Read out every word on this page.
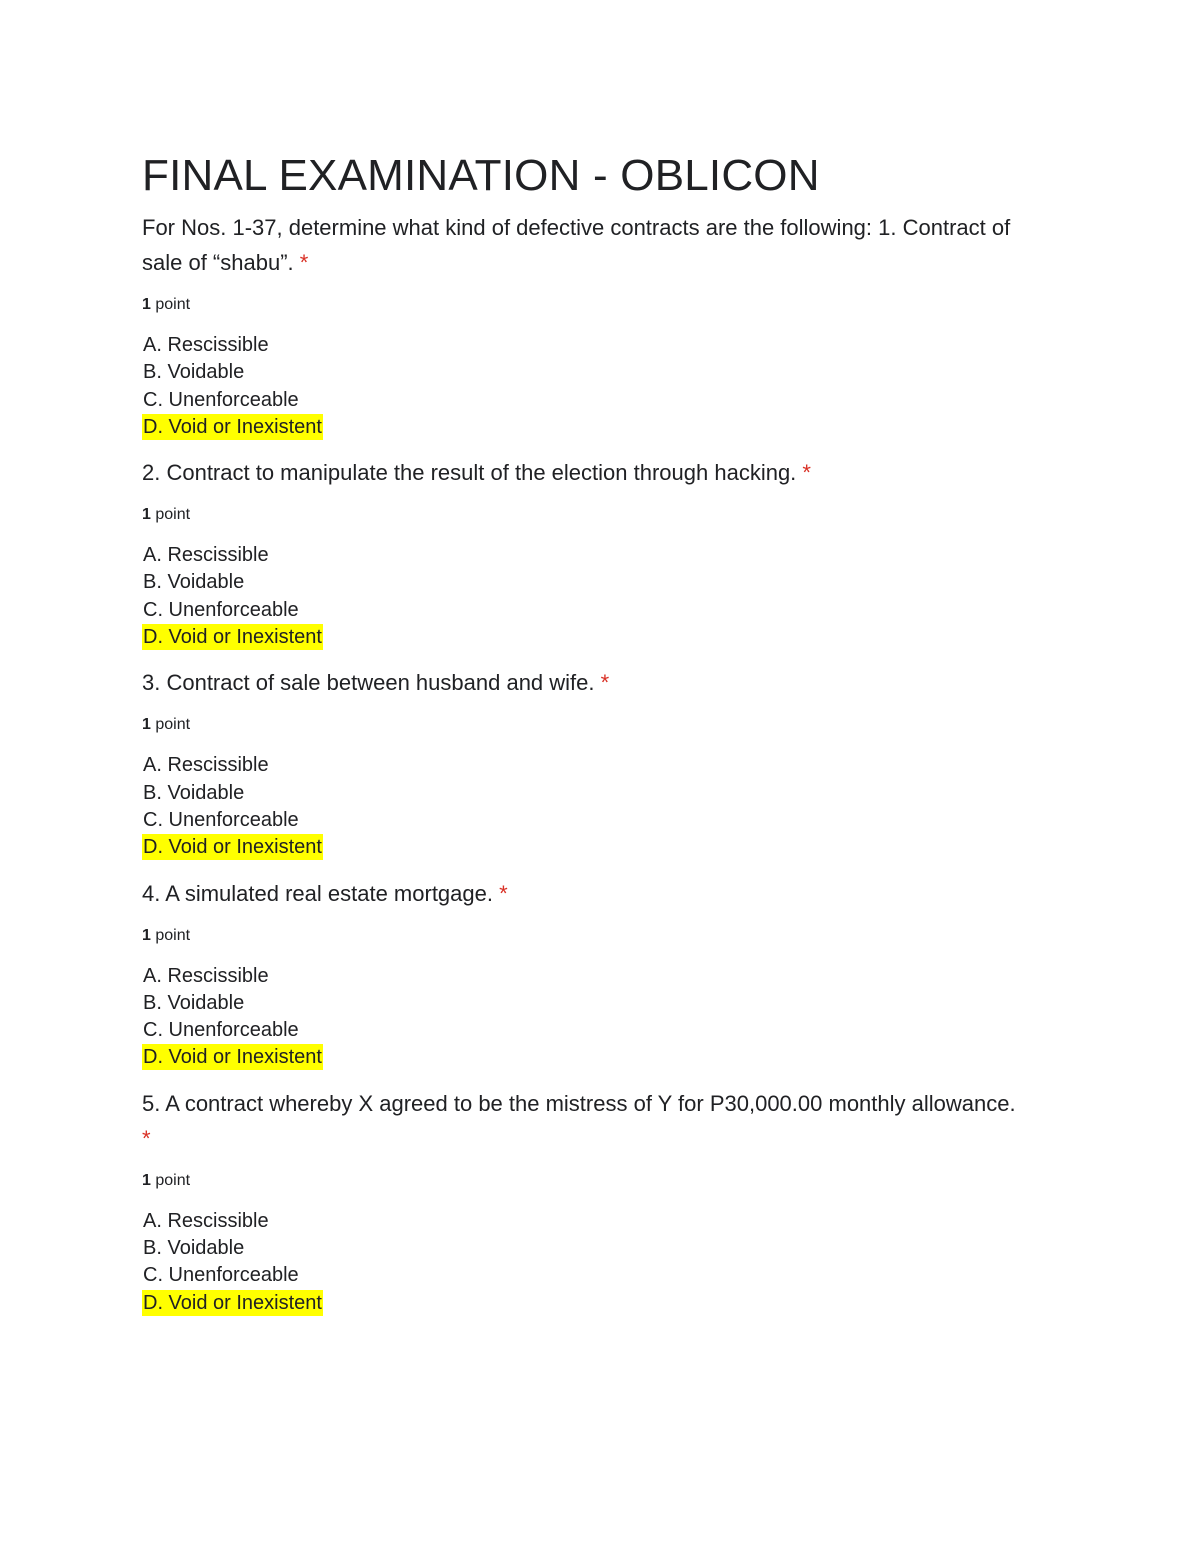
FINAL EXAMINATION - OBLICON

For Nos. 1-37, determine what kind of defective contracts are the following: 1. Contract of sale of “shabu”. *

1 point

A. Rescissible
B. Voidable
C. Unenforceable
D. Void or Inexistent

2. Contract to manipulate the result of the election through hacking. *

1 point

A. Rescissible
B. Voidable
C. Unenforceable
D. Void or Inexistent

3. Contract of sale between husband and wife. *

1 point

A. Rescissible
B. Voidable
C. Unenforceable
D. Void or Inexistent

4. A simulated real estate mortgage. *

1 point

A. Rescissible
B. Voidable
C. Unenforceable
D. Void or Inexistent

5. A contract whereby X agreed to be the mistress of Y for P30,000.00 monthly allowance. *

1 point

A. Rescissible
B. Voidable
C. Unenforceable
D. Void or Inexistent
